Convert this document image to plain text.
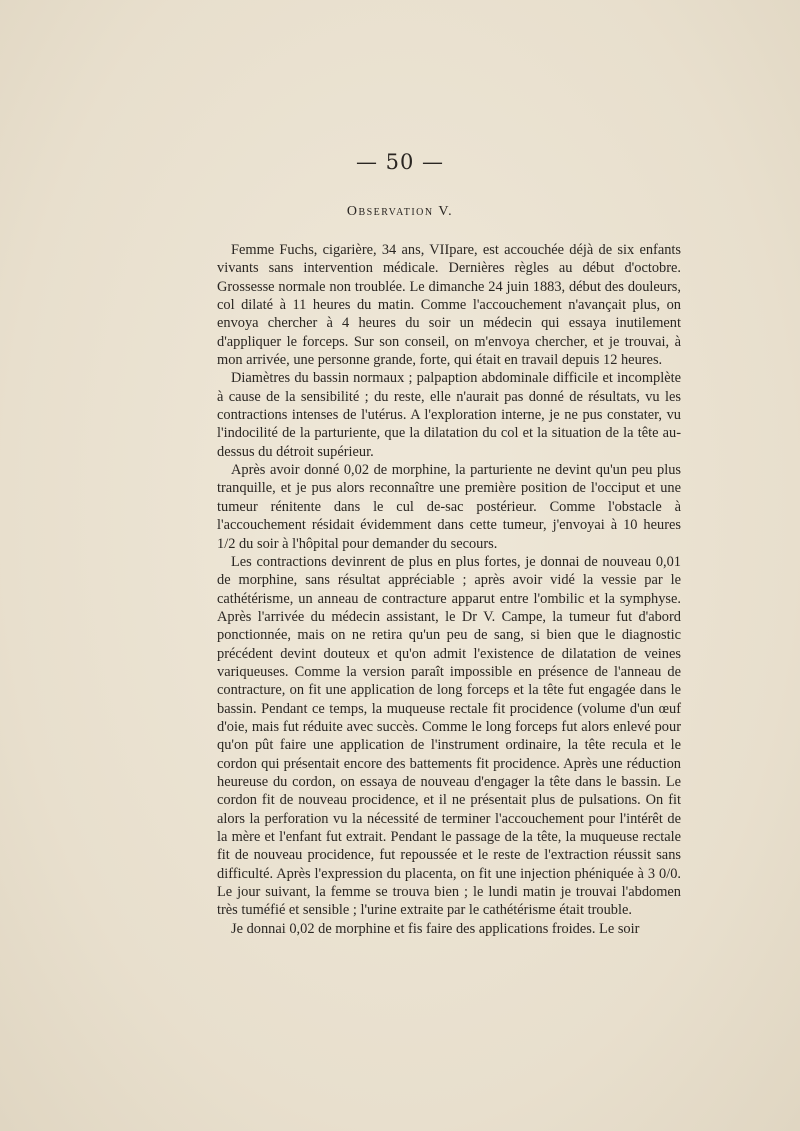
— 50 —
Observation V.

Femme Fuchs, cigarière, 34 ans, VIIpare, est accouchée déjà de six enfants vivants sans intervention médicale. Dernières règles au début d'octobre. Grossesse normale non troublée. Le dimanche 24 juin 1883, début des douleurs, col dilaté à 11 heures du matin. Comme l'accouchement n'avançait plus, on envoya chercher à 4 heures du soir un médecin qui essaya inutilement d'appliquer le forceps. Sur son conseil, on m'envoya chercher, et je trouvai, à mon arrivée, une personne grande, forte, qui était en travail depuis 12 heures.

Diamètres du bassin normaux ; palpaption abdominale difficile et incomplète à cause de la sensibilité ; du reste, elle n'aurait pas donné de résultats, vu les contractions intenses de l'utérus. A l'exploration interne, je ne pus constater, vu l'indocilité de la parturiente, que la dilatation du col et la situation de la tête au-dessus du détroit supérieur.

Après avoir donné 0,02 de morphine, la parturiente ne devint qu'un peu plus tranquille, et je pus alors reconnaître une première position de l'occiput et une tumeur rénitente dans le cul de-sac postérieur. Comme l'obstacle à l'accouchement résidait évidemment dans cette tumeur, j'envoyai à 10 heures 1/2 du soir à l'hôpital pour demander du secours.

Les contractions devinrent de plus en plus fortes, je donnai de nouveau 0,01 de morphine, sans résultat appréciable ; après avoir vidé la vessie par le cathétérisme, un anneau de contracture apparut entre l'ombilic et la symphyse. Après l'arrivée du médecin assistant, le Dr V. Campe, la tumeur fut d'abord ponctionnée, mais on ne retira qu'un peu de sang, si bien que le diagnostic précédent devint douteux et qu'on admit l'existence de dilatation de veines variqueuses. Comme la version paraît impossible en présence de l'anneau de contracture, on fit une application de long forceps et la tête fut engagée dans le bassin. Pendant ce temps, la muqueuse rectale fit procidence (volume d'un œuf d'oie, mais fut réduite avec succès. Comme le long forceps fut alors enlevé pour qu'on pût faire une application de l'instrument ordinaire, la tête recula et le cordon qui présentait encore des battements fit procidence. Après une réduction heureuse du cordon, on essaya de nouveau d'engager la tête dans le bassin. Le cordon fit de nouveau procidence, et il ne présentait plus de pulsations. On fit alors la perforation vu la nécessité de terminer l'accouchement pour l'intérêt de la mère et l'enfant fut extrait. Pendant le passage de la tête, la muqueuse rectale fit de nouveau procidence, fut repoussée et le reste de l'extraction réussit sans difficulté. Après l'expression du placenta, on fit une injection phéniquée à 3 0/0. Le jour suivant, la femme se trouva bien ; le lundi matin je trouvai l'abdomen très tuméfié et sensible ; l'urine extraite par le cathétérisme était trouble.

Je donnai 0,02 de morphine et fis faire des applications froides. Le soir
